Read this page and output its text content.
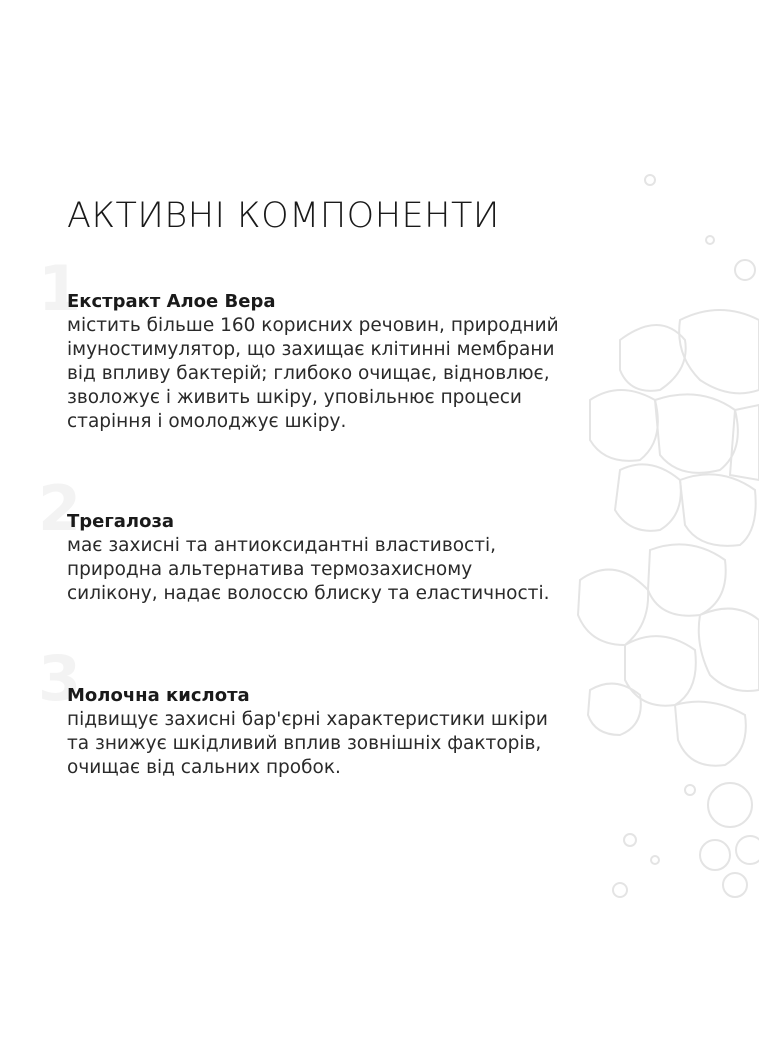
АКТИВНІ КОМПОНЕНТИ
1
2
3
Екстракт Алое Вера
містить більше 160 корисних речовин, природний
імуностимулятор, що захищає клітинні мембрани
від впливу бактерій; глибоко очищає, відновлює,
зволожує і живить шкіру, уповільнює процеси
старіння і омолоджує шкіру.
Трегалоза
має захисні та антиоксидантні властивості,
природна альтернатива термозахисному
силікону, надає волоссю блиску та еластичності.
Молочна кислота
підвищує захисні бар'єрні характеристики шкіри
та знижує шкідливий вплив зовнішніх факторів,
очищає від сальних пробок.
